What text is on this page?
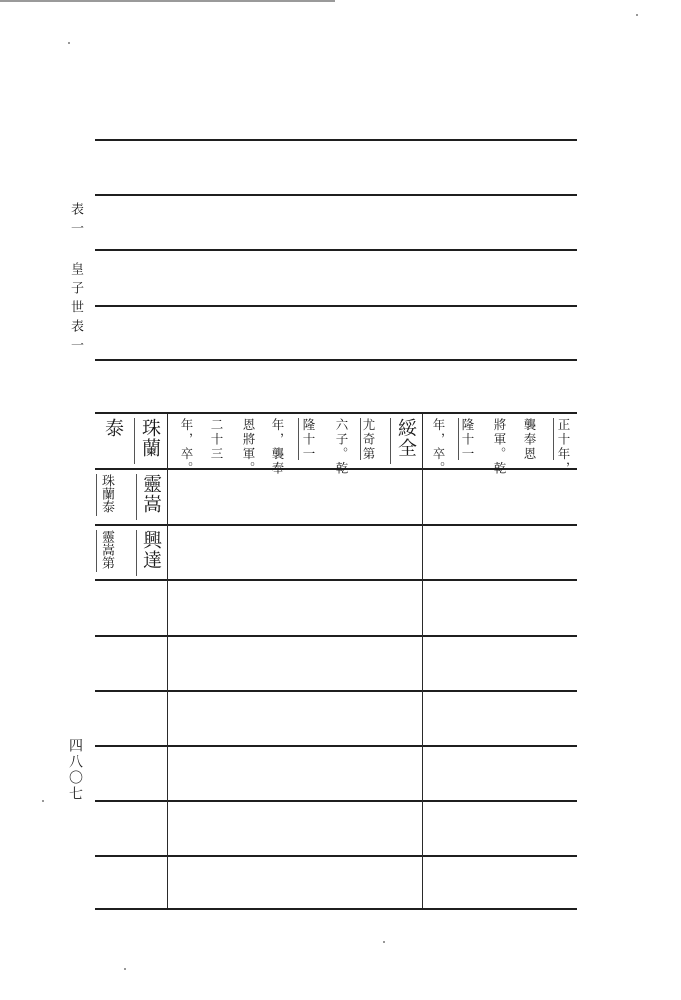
表一
皇子世表一
四八〇七
泰 珠蘭	綏全
尤奇第
六子。乾
隆十一
年，襲奉
恩將軍。
二十三
年，卒。	正十年，
襲奉恩
將軍。乾
隆十一
年，卒。
珠蘭泰 靈嵩
靈嵩第 興達
